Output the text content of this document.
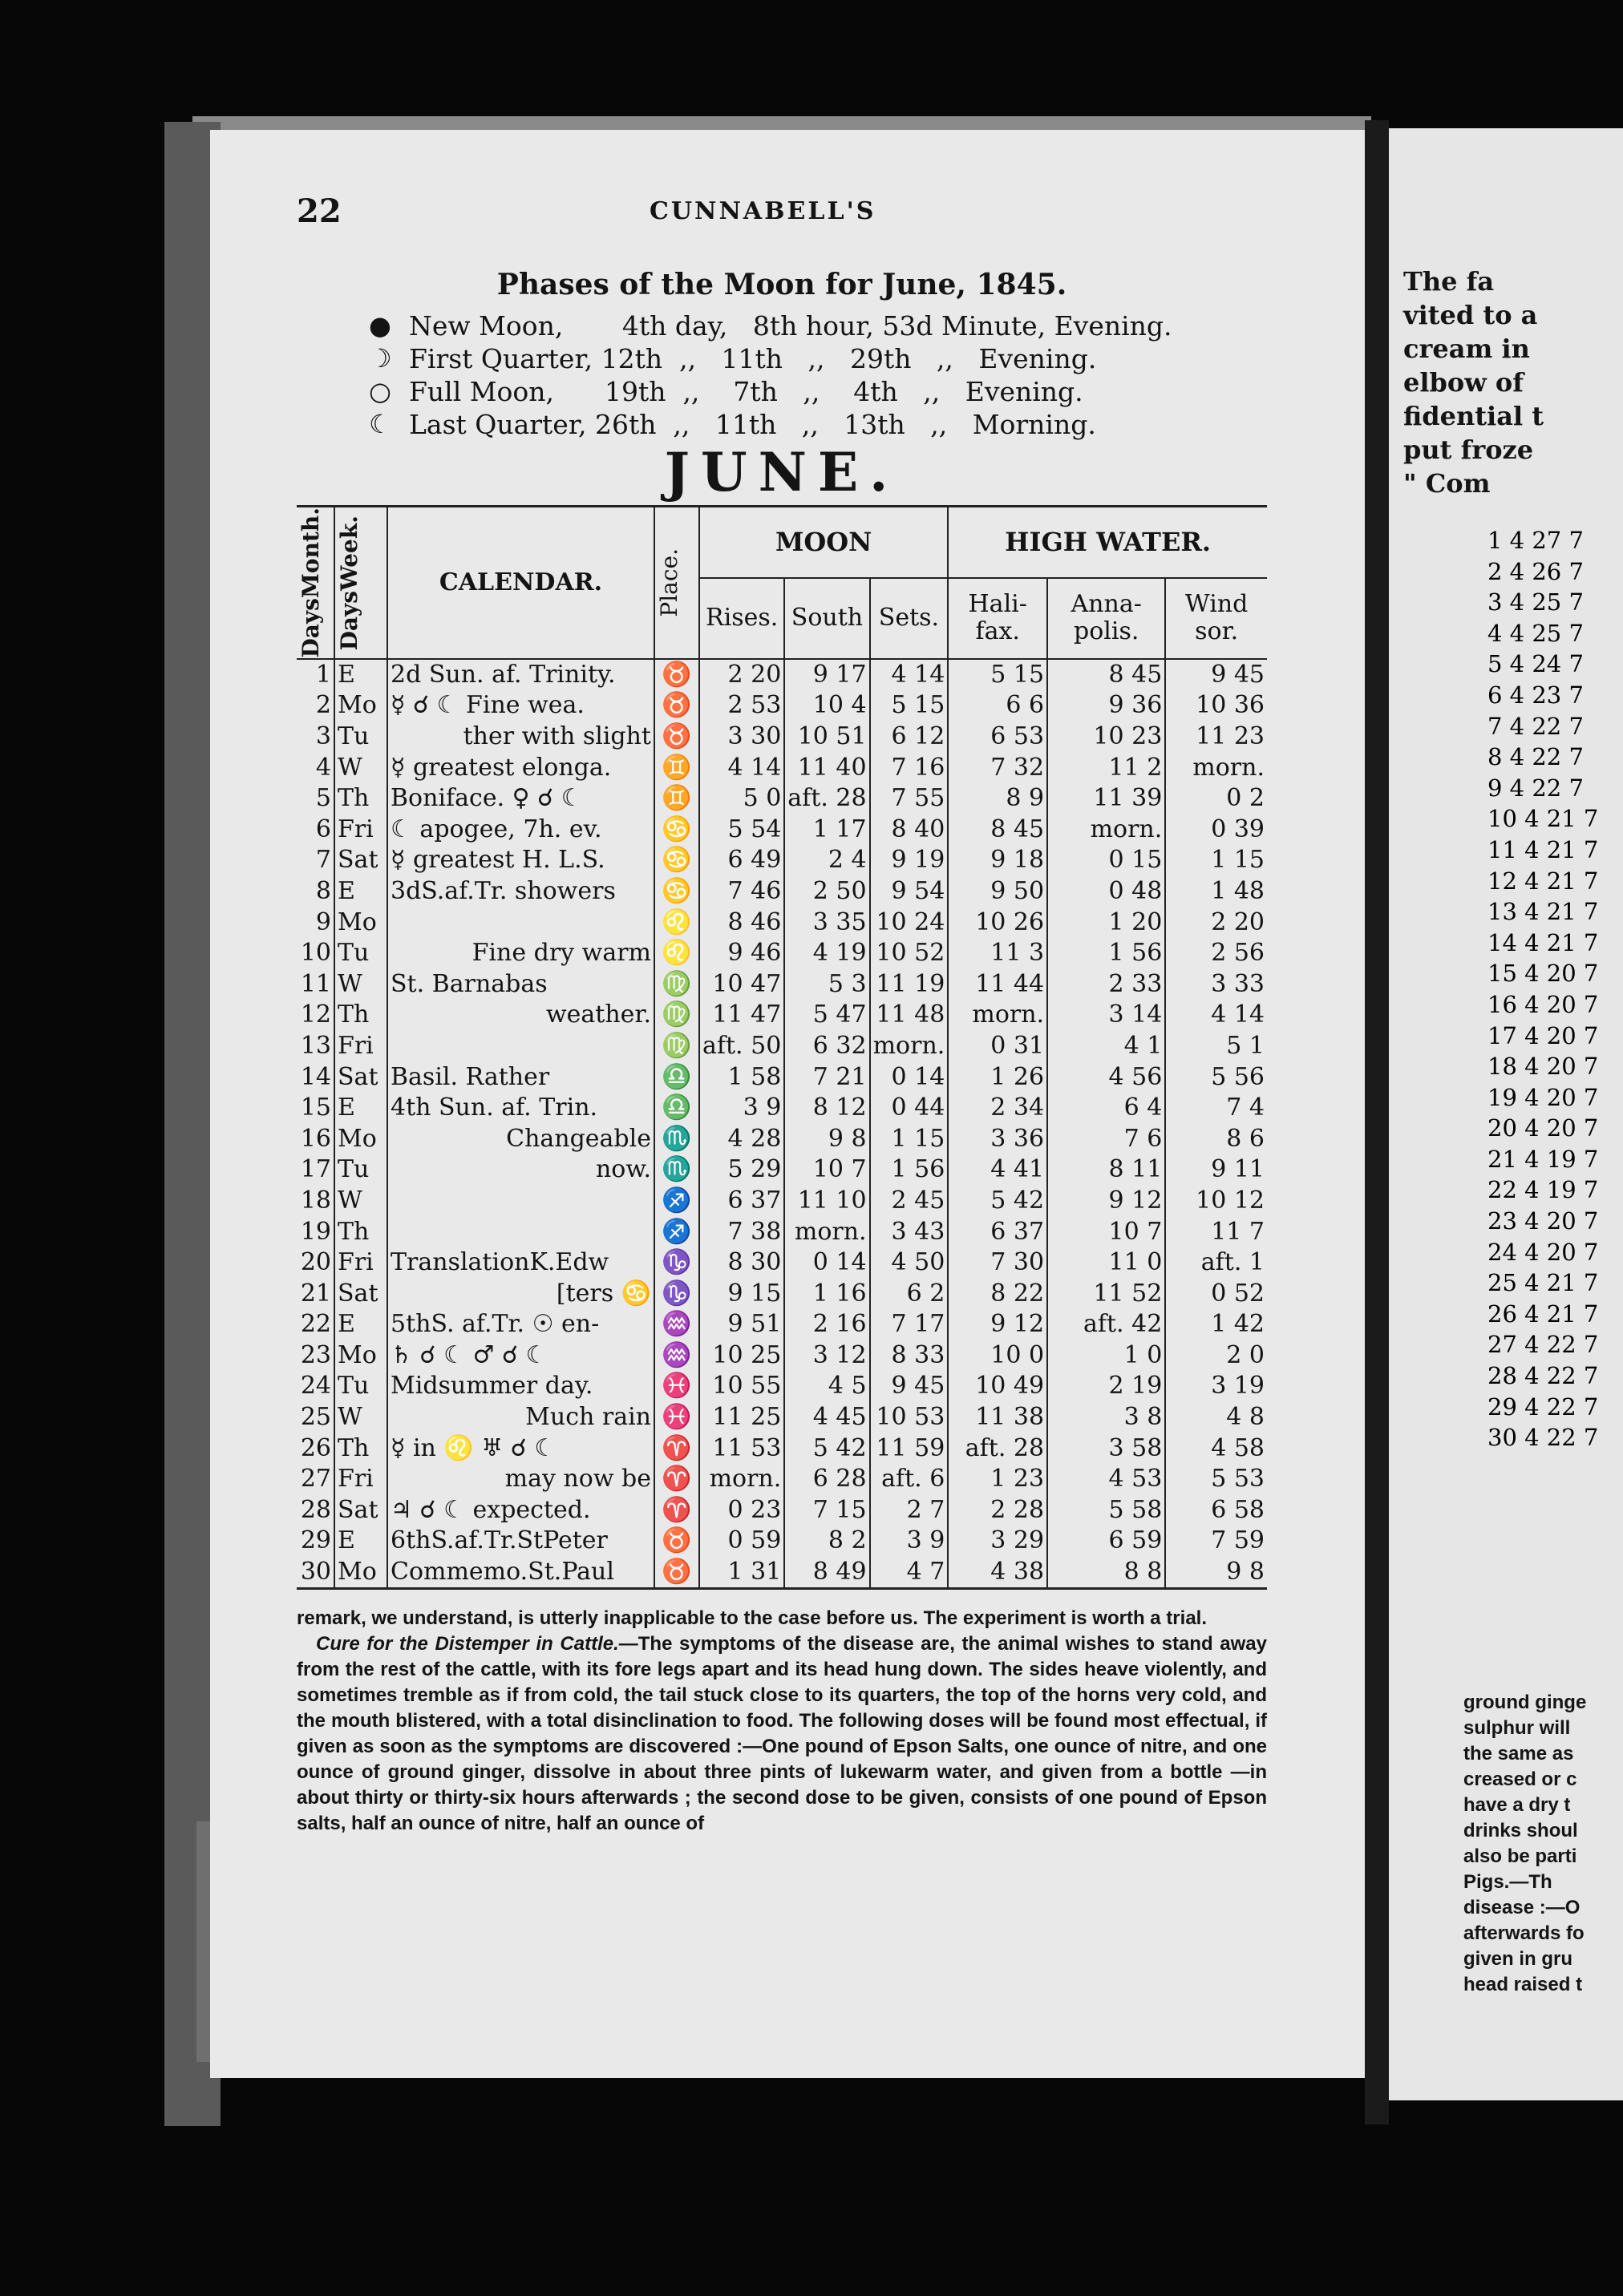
22	CUNNABELL'S
Phases of the Moon for June, 1845.
● New Moon,       4th day,   8th hour, 53d Minute, Evening.
☽ First Quarter, 12th  ,,   11th   ,,   29th   ,,   Evening.
○ Full Moon,      19th  ,,    7th   ,,    4th   ,,   Evening.
☾ Last Quarter, 26th  ,,   11th   ,,   13th   ,,   Morning.
JUNE.
DaysMonth.	DaysWeek.	CALENDAR.	Place.	MOON			HIGH WATER.		
				Rises.	South	Sets.	Hali-fax.	Anna-polis.	Wind sor.
1	E	2d Sun. af. Trinity.	♉	2 20	9 17	4 14	5 15	8 45	9 45
2	Mo	☿ ☌ ☾ Fine wea.	♉	2 53	10 4	5 15	6 6	9 36	10 36
3	Tu	ther with slight	♉	3 30	10 51	6 12	6 53	10 23	11 23
4	W	☿ greatest elonga.	♊	4 14	11 40	7 16	7 32	11 2	morn.
5	Th	Boniface. ♀ ☌ ☾	♊	5 0	aft. 28	7 55	8 9	11 39	0 2
6	Fri	☾ apogee, 7h. ev.	♋	5 54	1 17	8 40	8 45	morn.	0 39
7	Sat	☿ greatest H. L.S.	♋	6 49	2 4	9 19	9 18	0 15	1 15
8	E	3dS.af.Tr. showers	♋	7 46	2 50	9 54	9 50	0 48	1 48
9	Mo		♌	8 46	3 35	10 24	10 26	1 20	2 20
10	Tu	Fine dry warm	♌	9 46	4 19	10 52	11 3	1 56	2 56
11	W	St. Barnabas	♍	10 47	5 3	11 19	11 44	2 33	3 33
12	Th	weather.	♍	11 47	5 47	11 48	morn.	3 14	4 14
13	Fri		♍	aft. 50	6 32	morn.	0 31	4 1	5 1
14	Sat	Basil. Rather	♎	1 58	7 21	0 14	1 26	4 56	5 56
15	E	4th Sun. af. Trin.	♎	3 9	8 12	0 44	2 34	6 4	7 4
16	Mo	Changeable	♏	4 28	9 8	1 15	3 36	7 6	8 6
17	Tu	now.	♏	5 29	10 7	1 56	4 41	8 11	9 11
18	W		♐	6 37	11 10	2 45	5 42	9 12	10 12
19	Th		♐	7 38	morn.	3 43	6 37	10 7	11 7
20	Fri	TranslationK.Edw	♑	8 30	0 14	4 50	7 30	11 0	aft. 1
21	Sat	[ters ♋	♑	9 15	1 16	6 2	8 22	11 52	0 52
22	E	5thS. af.Tr. ☉ en-	♒	9 51	2 16	7 17	9 12	aft. 42	1 42
23	Mo	♄ ☌ ☾ ♂ ☌ ☾	♒	10 25	3 12	8 33	10 0	1 0	2 0
24	Tu	Midsummer day.	♓	10 55	4 5	9 45	10 49	2 19	3 19
25	W	Much rain	♓	11 25	4 45	10 53	11 38	3 8	4 8
26	Th	☿ in ♌ ♅ ☌ ☾	♈	11 53	5 42	11 59	aft. 28	3 58	4 58
27	Fri	may now be	♈	morn.	6 28	aft. 6	1 23	4 53	5 53
28	Sat	♃ ☌ ☾ expected.	♈	0 23	7 15	2 7	2 28	5 58	6 58
29	E	6thS.af.Tr.StPeter	♉	0 59	8 2	3 9	3 29	6 59	7 59
30	Mo	Commemo.St.Paul	♉	1 31	8 49	4 7	4 38	8 8	9 8

remark, we understand, is utterly inapplicable to the case before us. The experiment is worth a trial.

Cure for the Distemper in Cattle.—The symptoms of the disease are, the animal wishes to stand away from the rest of the cattle, with its fore legs apart and its head hung down. The sides heave violently, and sometimes tremble as if from cold, the tail stuck close to its quarters, the top of the horns very cold, and the mouth blistered, with a total disinclination to food. The following doses will be found most effectual, if given as soon as the symptoms are discovered :—One pound of Epson Salts, one ounce of nitre, and one ounce of ground ginger, dissolve in about three pints of lukewarm water, and given from a bottle —in about thirty or thirty-six hours afterwards ; the second dose to be given, consists of one pound of Epson salts, half an ounce of nitre, half an ounce of

The fa
vited to a
cream in
elbow of
fidential t
put froze
" Com
1 4 27 7
2 4 26 7
3 4 25 7
4 4 25 7
5 4 24 7
6 4 23 7
7 4 22 7
8 4 22 7
9 4 22 7
10 4 21 7
11 4 21 7
12 4 21 7
13 4 21 7
14 4 21 7
15 4 20 7
16 4 20 7
17 4 20 7
18 4 20 7
19 4 20 7
20 4 20 7
21 4 19 7
22 4 19 7
23 4 20 7
24 4 20 7
25 4 21 7
26 4 21 7
27 4 22 7
28 4 22 7
29 4 22 7
30 4 22 7
ground ginge
sulphur will
the same as
creased or c
have a dry t
drinks shoul
also be parti
Pigs.—Th
disease :—O
afterwards fo
given in gru
head raised t
